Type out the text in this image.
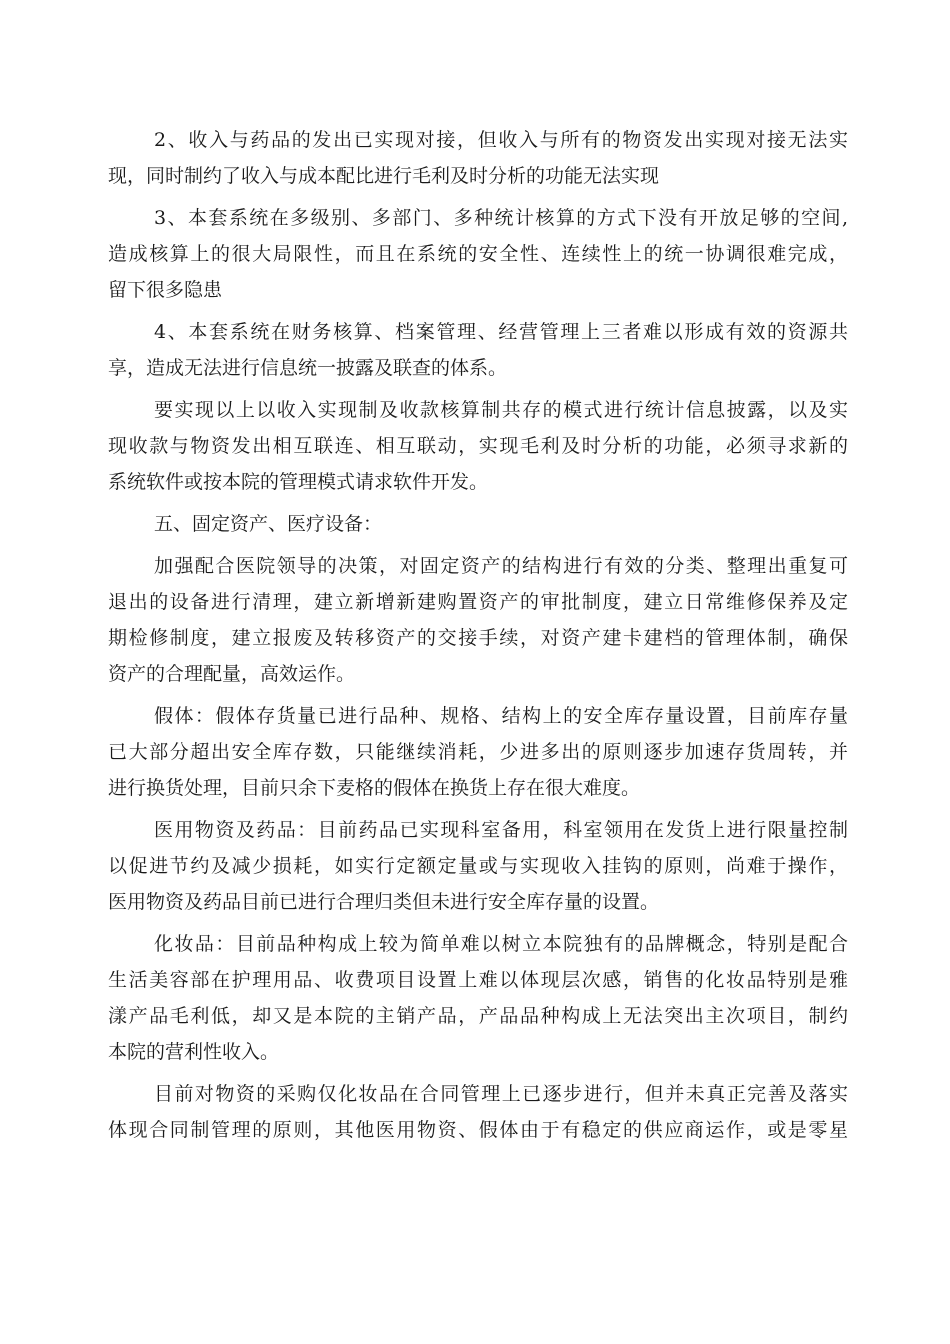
2、收入与药品的发出已实现对接，但收入与所有的物资发出实现对接无法实
现，同时制约了收入与成本配比进行毛利及时分析的功能无法实现
3、本套系统在多级别、多部门、多种统计核算的方式下没有开放足够的空间,
造成核算上的很大局限性，而且在系统的安全性、连续性上的统一协调很难完成，
留下很多隐患
4、本套系统在财务核算、档案管理、经营管理上三者难以形成有效的资源共
享，造成无法进行信息统一披露及联查的体系。
要实现以上以收入实现制及收款核算制共存的模式进行统计信息披露，以及实
现收款与物资发出相互联连、相互联动，实现毛利及时分析的功能，必须寻求新的
系统软件或按本院的管理模式请求软件开发。
五、固定资产、医疗设备：
加强配合医院领导的决策，对固定资产的结构进行有效的分类、整理出重复可
退出的设备进行清理，建立新增新建购置资产的审批制度，建立日常维修保养及定
期检修制度，建立报废及转移资产的交接手续，对资产建卡建档的管理体制，确保
资产的合理配量，高效运作。
假体：假体存货量已进行品种、规格、结构上的安全库存量设置，目前库存量
已大部分超出安全库存数，只能继续消耗，少进多出的原则逐步加速存货周转，并
进行换货处理，目前只余下麦格的假体在换货上存在很大难度。
医用物资及药品：目前药品已实现科室备用，科室领用在发货上进行限量控制
以促进节约及减少损耗，如实行定额定量或与实现收入挂钩的原则，尚难于操作，
医用物资及药品目前已进行合理归类但未进行安全库存量的设置。
化妆品：目前品种构成上较为简单难以树立本院独有的品牌概念，特别是配合
生活美容部在护理用品、收费项目设置上难以体现层次感，销售的化妆品特别是雅
漾产品毛利低，却又是本院的主销产品，产品品种构成上无法突出主次项目，制约
本院的营利性收入。
目前对物资的采购仅化妆品在合同管理上已逐步进行，但并未真正完善及落实
体现合同制管理的原则，其他医用物资、假体由于有稳定的供应商运作，或是零星
